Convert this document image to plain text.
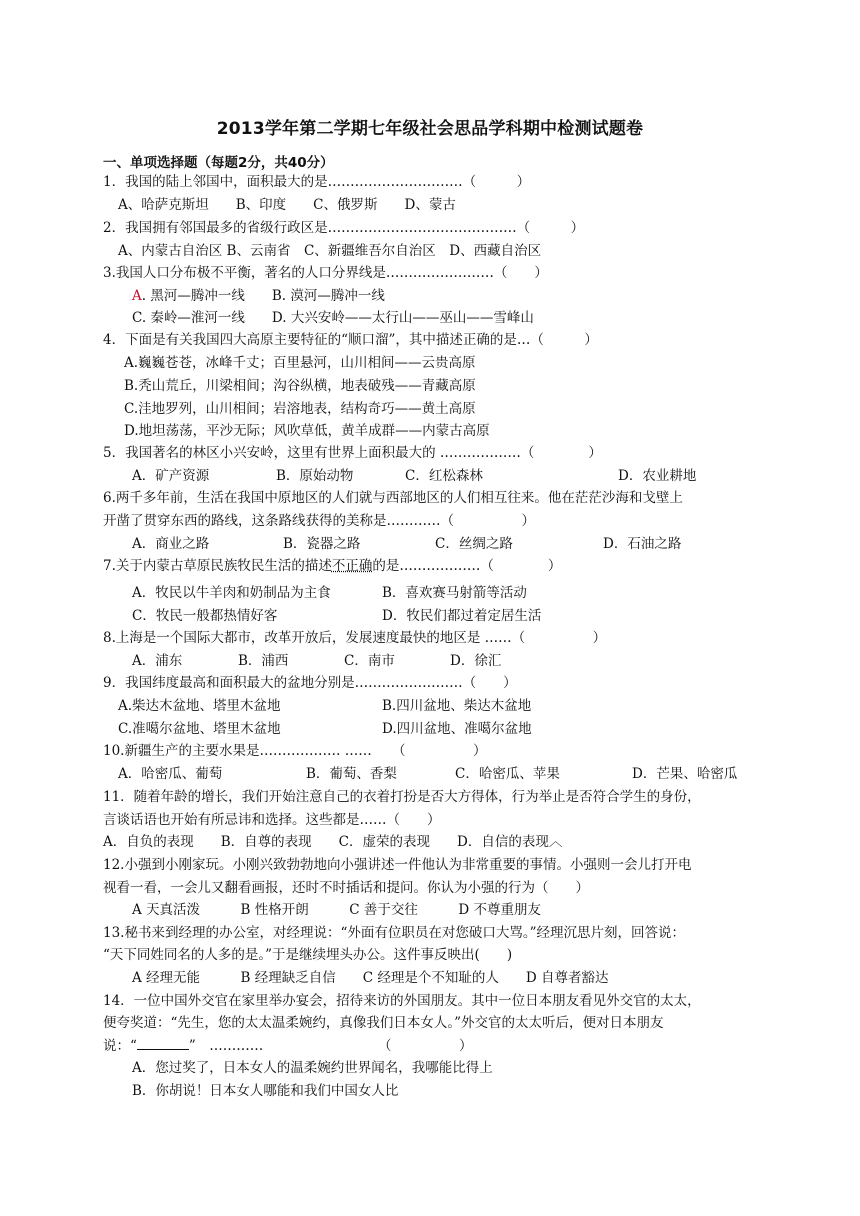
2013学年第二学期七年级社会思品学科期中检测试题卷
一、单项选择题（每题2分，共40分）
1．我国的陆上邻国中，面积最大的是…………………………（　　　）
A、哈萨克斯坦　　B、印度　　C、俄罗斯　　D、蒙古
2．我国拥有邻国最多的省级行政区是……………………………………（　　　）
A、内蒙古自治区 B、云南省　C、新疆维吾尔自治区　D、西藏自治区
3.我国人口分布极不平衡，著名的人口分界线是……………………（　　）
A. 黑河—腾冲一线　　B. 漠河—腾冲一线
C. 秦岭—淮河一线　　D. 大兴安岭——太行山——巫山——雪峰山
4．下面是有关我国四大高原主要特征的“顺口溜”，其中描述正确的是…（　　　）
A.巍巍苍苍，冰峰千丈；百里悬河，山川相间——云贵高原
B.秃山荒丘，川梁相间；沟谷纵横，地表破残——青藏高原
C.洼地罗列，山川相间；岩溶地表，结构奇巧——黄土高原
D.地坦荡荡，平沙无际；风吹草低，黄羊成群——内蒙古高原
5．我国著名的林区小兴安岭，这里有世界上面积最大的 ………………（　　　　）
A．矿产资源	B．原始动物	C．红松森林	D．农业耕地
6.两千多年前，生活在我国中原地区的人们就与西部地区的人们相互往来。他在茫茫沙海和戈壁上
开凿了贯穿东西的路线，这条路线获得的美称是…………（　　　　　）
A．商业之路	B．瓷器之路	C．丝绸之路	D．石油之路
7.关于内蒙古草原民族牧民生活的描述不正确的是………………（　　　　）
A．牧民以牛羊肉和奶制品为主食	B．喜欢赛马射箭等活动
C．牧民一般都热情好客	D．牧民们都过着定居生活
8.上海是一个国际大都市，改革开放后，发展速度最快的地区是 ……（　　　　　）
A．浦东	B．浦西	C．南市	D．徐汇
9．我国纬度最高和面积最大的盆地分别是……………………（　　）
A.柴达木盆地、塔里木盆地	B.四川盆地、柴达木盆地
C.准噶尔盆地、塔里木盆地	D.四川盆地、准噶尔盆地
10.新疆生产的主要水果是……………… ……　　（　　　　　）
A．哈密瓜、葡萄	B．葡萄、香梨	C．哈密瓜、苹果	D．芒果、哈密瓜
11．随着年龄的增长，我们开始注意自己的衣着打扮是否大方得体，行为举止是否符合学生的身份，
言谈话语也开始有所忌讳和选择。这些都是……（　　）
A．自负的表现　　B．自尊的表现　　C．虚荣的表现　　D．自信的表现︿
12.小强到小刚家玩。小刚兴致勃勃地向小强讲述一件他认为非常重要的事情。小强则一会儿打开电
视看一看，一会儿又翻看画报，还时不时插话和提问。你认为小强的行为（　　）
A 天真活泼　　　B 性格开朗　　　C 善于交往　　　D 不尊重朋友
13.秘书来到经理的办公室，对经理说：“外面有位职员在对您破口大骂。”经理沉思片刻，回答说：
“天下同姓同名的人多的是。”于是继续埋头办公。这件事反映出(　　)
A 经理无能　　　B 经理缺乏自信　　C 经理是个不知耻的人　　D 自尊者豁达
14．一位中国外交官在家里举办宴会，招待来访的外国朋友。其中一位日本朋友看见外交官的太太，
便夸奖道：“先生，您的太太温柔婉约，真像我们日本女人。”外交官的太太听后，便对日本朋友
说：“	”　…………　　　　　　　　　（　　　　　）
A．您过奖了，日本女人的温柔婉约世界闻名，我哪能比得上
B．你胡说！日本女人哪能和我们中国女人比
